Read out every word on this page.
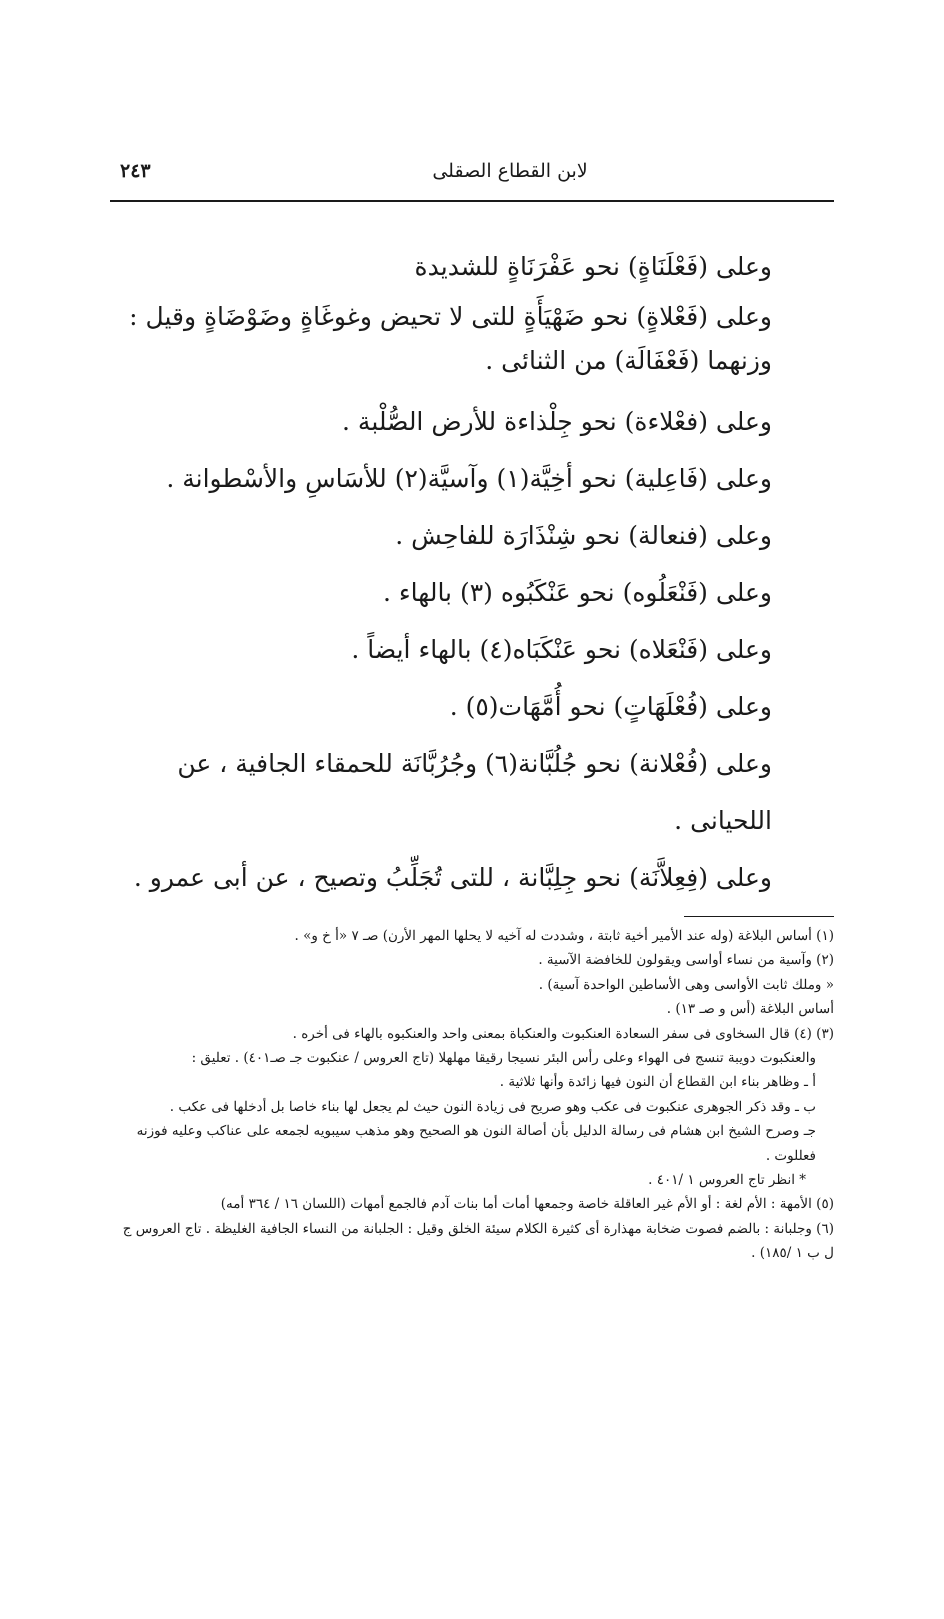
٢٤٣	لابن القطاع الصقلى

وعلى (فَعْلَنَاةٍ) نحو عَفْرَنَاةٍ للشديدة

وعلى (فَعْلاةٍ) نحو ضَهْيَأَةٍ للتى لا تحيض وغوغَاةٍ وضَوْضَاةٍ وقيل : وزنهما (فَعْفَالَة) من الثنائى .

وعلى (فعْلاءة) نحو جِلْذاءة للأرض الصُّلْبة .

وعلى (فَاعِلية) نحو أخِيَّة(١) وآسيَّة(٢) للأسَاسِ والأسْطوانة .

وعلى (فنعالة) نحو شِنْذَارَة للفاحِش .

وعلى (فَنْعَلُوه) نحو عَنْكَبُوه (٣) بالهاء .

وعلى (فَنْعَلاه) نحو عَنْكَبَاه(٤) بالهاء أيضاً .

وعلى (فُعْلَهَاتٍ) نحو أُمَّهَات(٥) .

وعلى (فُعْلانة) نحو جُلُبَّانة(٦) وجُرُبَّانَة للحمقاء الجافية ، عن اللحيانى .

وعلى (فِعِلاَّنَة) نحو جِلِبَّانة ، للتى تُجَلِّبُ وتصيح ، عن أبى عمرو .

(١) أساس البلاغة (وله عند الأمير أخية ثابتة ، وشددت له آخيه لا يحلها المهر الأرن) صـ ٧ «أ خ و» .

(٢) وآسية من نساء أواسى ويقولون للخافضة الآسية .

« وملك ثابت الأواسى وهى الأساطين الواحدة آسية) .

أساس البلاغة (أس و صـ ١٣) .

(٣) (٤) قال السخاوى فى سفر السعادة العنكبوت والعنكباة بمعنى واحد والعنكبوه بالهاء فى أخره .

والعنكبوت دويبة تنسج فى الهواء وعلى رأس البئر نسيجا رقيقا مهلهلا (تاج العروس / عنكبوت جـ صـ٤٠١) . تعليق :

أ ـ وظاهر بناء ابن القطاع أن النون فيها زائدة وأنها ثلاثية .

ب ـ وقد ذكر الجوهرى عنكبوت فى عكب وهو صريح فى زيادة النون حيث لم يجعل لها بناء خاصا بل أدخلها فى عكب .

جـ وصرح الشيخ ابن هشام فى رسالة الدليل بأن أصالة النون هو الصحيح وهو مذهب سيبويه لجمعه على عناكب وعليه فوزنه فعللوت .

* انظر تاج العروس ١ /٤٠١ .

(٥) الأمهة : الأم لغة : أو الأم غير العاقلة خاصة وجمعها أمات أما بنات آدم فالجمع أمهات (اللسان ١٦ / ٣٦٤ أمه)

(٦) وجلبانة : بالضم فصوت ضخابة مهذارة أى كثيرة الكلام سيئة الخلق وقيل : الجلبانة من النساء الجافية الغليظة . تاج العروس ج ل ب ١ /١٨٥) .
